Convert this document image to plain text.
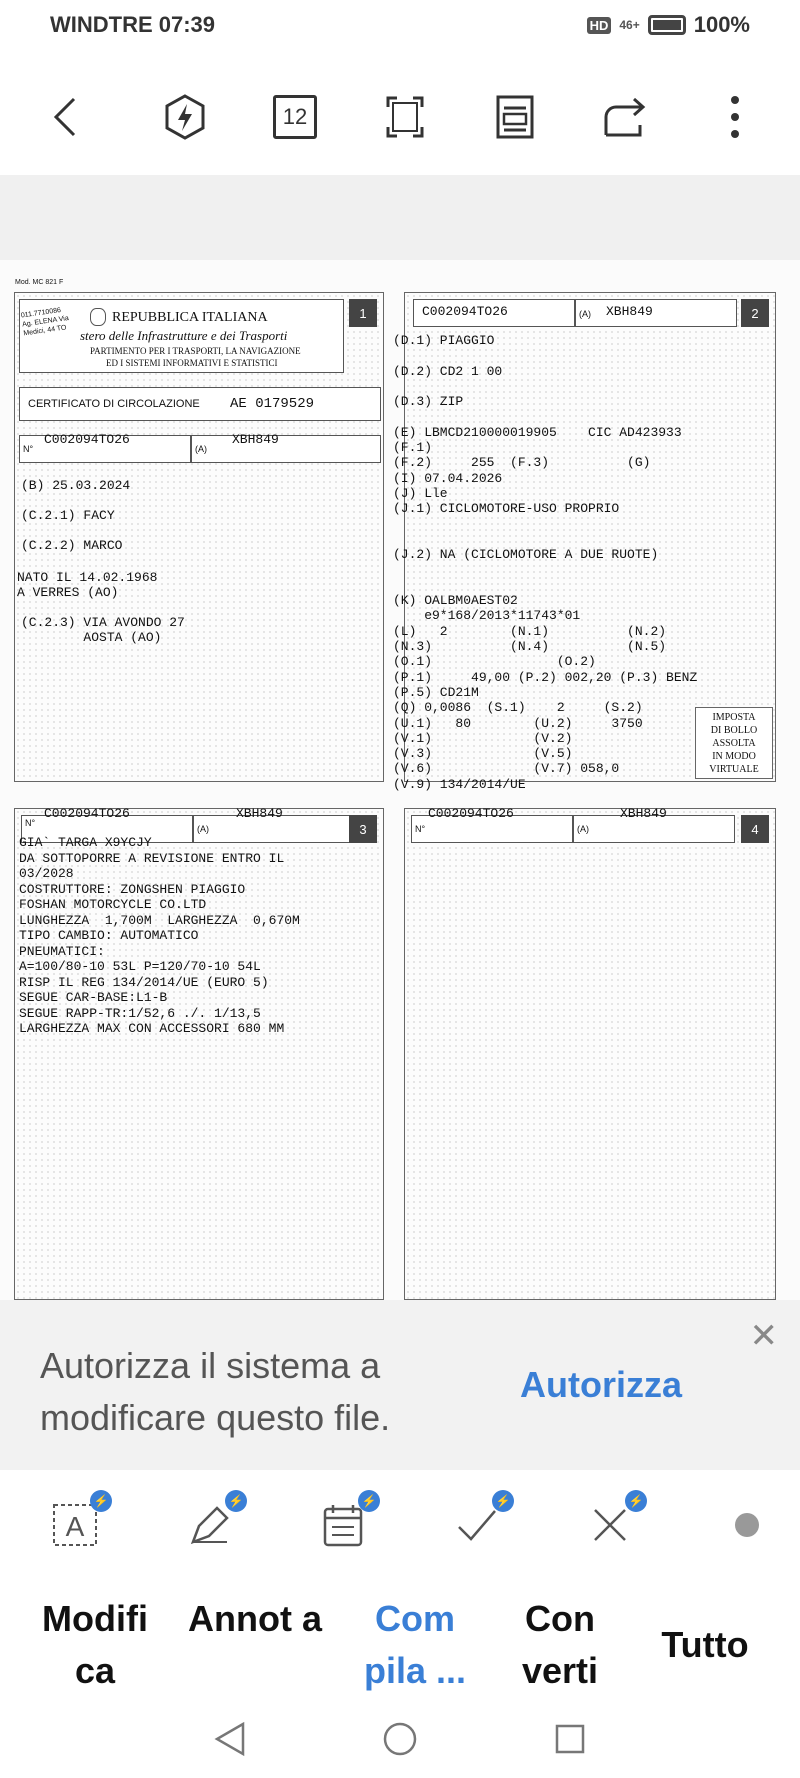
WINDTRE 07:39	HD 46+ 100%
12
Mod. MC 821 F
011.7710086 Ag. ELENA Via Medici, 44 TO
REPUBBLICA ITALIANA
stero delle Infrastrutture e dei Trasporti
PARTIMENTO PER I TRASPORTI, LA NAVIGAZIONE
ED I SISTEMI INFORMATIVI E STATISTICI
1
CERTIFICATO DI CIRCOLAZIONE AE 0179529
N°
C002094TO26
(A)
XBH849
(B) 25.03.2024
(C.2.1) FACY
(C.2.2) MARCO
NATO IL 14.02.1968
A VERRES (AO)
(C.2.3) VIA AVONDO 27
AOSTA (AO)
C002094TO26	(A) XBH849	2
(D.1) PIAGGIO
(D.2) CD2 1 00
(D.3) ZIP
(E) LBMCD210000019905    CIC AD423933
(F.1)
(F.2)     255  (F.3)          (G)
(I) 07.04.2026
(J) Lle
(J.1) CICLOMOTORE-USO PROPRIO
(J.2) NA (CICLOMOTORE A DUE RUOTE)
(K) OALBM0AEST02
e9*168/2013*11743*01
(L)   2        (N.1)          (N.2)
(N.3)          (N.4)          (N.5)
(O.1)                (O.2)
(P.1)     49,00 (P.2) 002,20 (P.3) BENZ
(P.5) CD21M
(Q) 0,0086  (S.1)    2     (S.2)
(U.1)   80        (U.2)     3750
(V.1)             (V.2)
(V.3)             (V.5)
(V.6)             (V.7) 058,0
(V.9) 134/2014/UE
IMPOSTA
DI BOLLO
ASSOLTA
IN MODO
VIRTUALE
N°
C002094TO26
(A)
XBH849
3
GIA` TARGA X9YCJY
DA SOTTOPORRE A REVISIONE ENTRO IL
03/2028
COSTRUTTORE: ZONGSHEN PIAGGIO
FOSHAN MOTORCYCLE CO.LTD
LUNGHEZZA  1,700M  LARGHEZZA  0,670M
TIPO CAMBIO: AUTOMATICO
PNEUMATICI:
A=100/80-10 53L P=120/70-10 54L
RISP IL REG 134/2014/UE (EURO 5)
SEGUE CAR-BASE:L1-B
SEGUE RAPP-TR:1/52,6 ./. 1/13,5
LARGHEZZA MAX CON ACCESSORI 680 MM
N°
C002094TO26
(A)
XBH849
4
Autorizza il sistema a modificare questo file.
Autorizza
✕
A
⚡	⚡	⚡	⚡	⚡
Modifi ca
Annot a	Com pila ...
Con verti
Tutto
